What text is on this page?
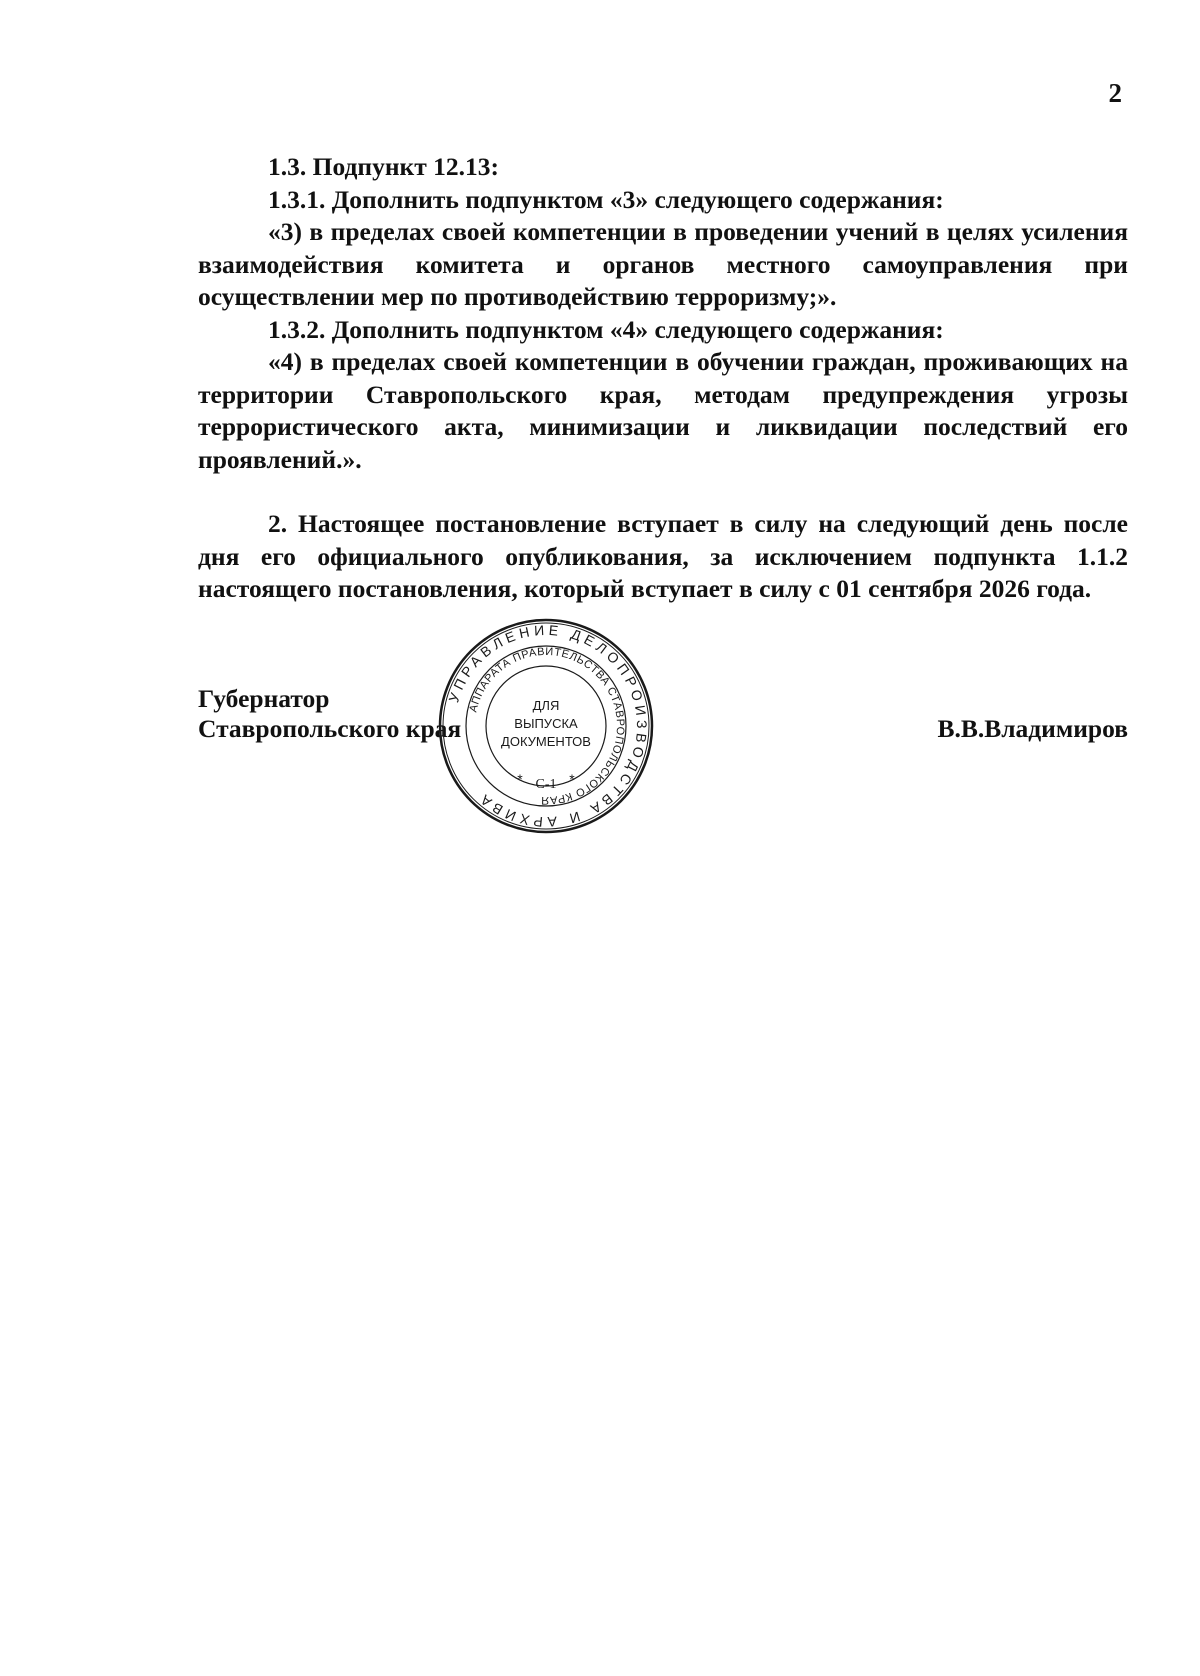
2

1.3. Подпункт 12.13:

1.3.1. Дополнить подпунктом «3» следующего содержания:

«3) в пределах своей компетенции в проведении учений в целях усиления взаимодействия комитета и органов местного самоуправления при осуществлении мер по противодействию терроризму;».

1.3.2. Дополнить подпунктом «4» следующего содержания:

«4) в пределах своей компетенции в обучении граждан, проживающих на территории Ставропольского края, методам предупреждения угрозы террористического акта, минимизации и ликвидации последствий его проявлений.».

2. Настоящее постановление вступает в силу на следующий день после дня его официального опубликования, за исключением подпункта 1.1.2 настоящего постановления, который вступает в силу с 01 сентября 2026 года.

Губернатор
Ставропольского края	В.В.Владимиров
УПРАВЛЕНИЕ ДЕЛОПРОИЗВОДСТВА И АРХИВА
АППАРАТА ПРАВИТЕЛЬСТВА СТАВРОПОЛЬСКОГО КРАЯ
ДЛЯ
ВЫПУСКА
ДОКУМЕНТОВ
* С-1 *
